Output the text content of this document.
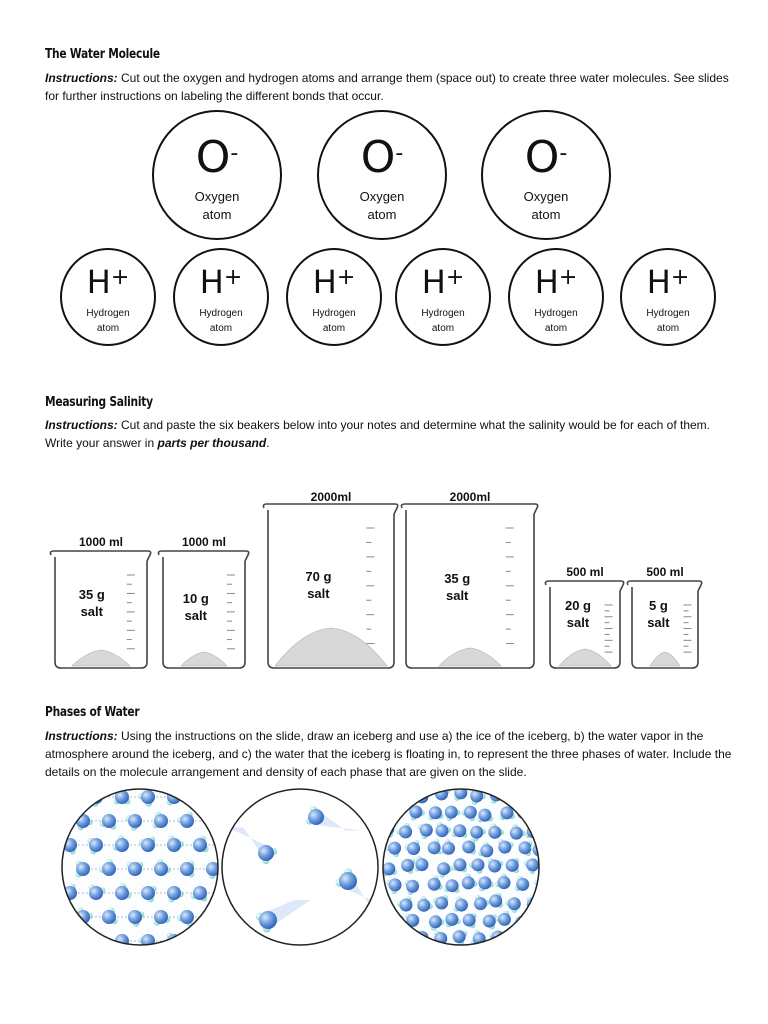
The Water Molecule
Instructions: Cut out the oxygen and hydrogen atoms and arrange them (space out) to create three water molecules. See slides for further instructions on labeling the different bonds that occur.
O-
Oxygen
atom
O-
Oxygen
atom
O-
Oxygen
atom
H+
Hydrogen
atom
H+
Hydrogen
atom
H+
Hydrogen
atom
H+
Hydrogen
atom
H+
Hydrogen
atom
H+
Hydrogen
atom
Measuring Salinity
Instructions: Cut and paste the six beakers below into your notes and determine what the salinity would be for each of them. Write your answer in parts per thousand.
1000 ml
35 g
salt
1000 ml
10 g
salt
2000ml
70 g
salt
2000ml
35 g
salt
500 ml
20 g
salt
500 ml
5 g
salt
Phases of Water
Instructions: Using the instructions on the slide, draw an iceberg and use a) the ice of the iceberg, b) the water vapor in the atmosphere around the iceberg, and c) the water that the iceberg is floating in, to represent the three phases of water. Include the details on the molecule arrangement and density of each phase that are given on the slide.
